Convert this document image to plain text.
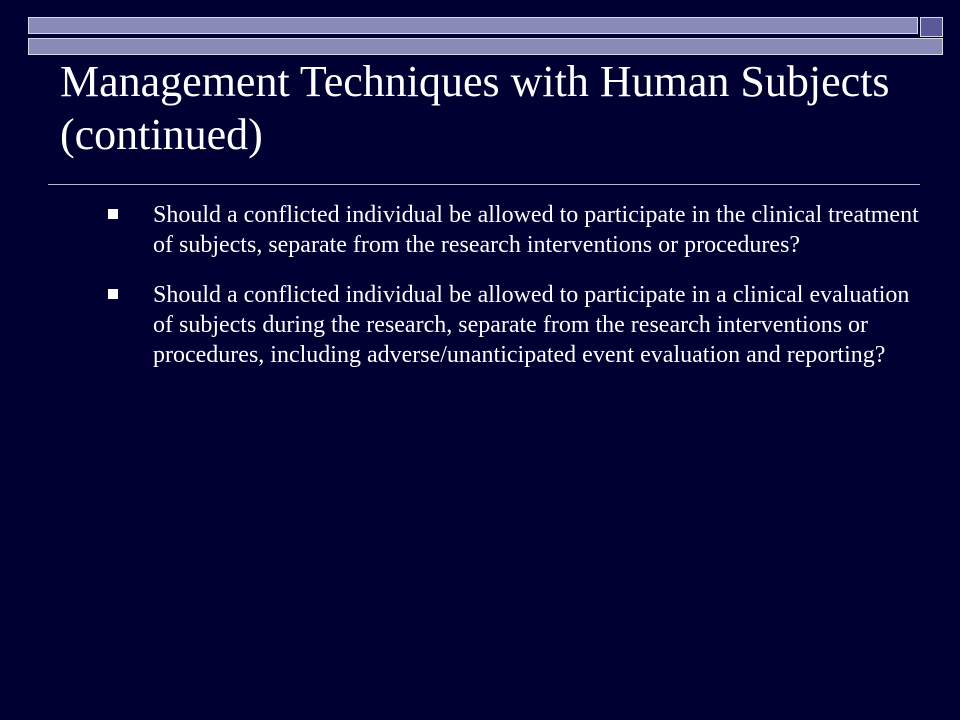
Management Techniques with Human Subjects (continued)
Should a conflicted individual be allowed to participate in the clinical treatment of subjects, separate from the research interventions or procedures?
Should a conflicted individual be allowed to participate in a clinical evaluation of subjects during the research, separate from the research interventions or procedures, including adverse/unanticipated event evaluation and reporting?
